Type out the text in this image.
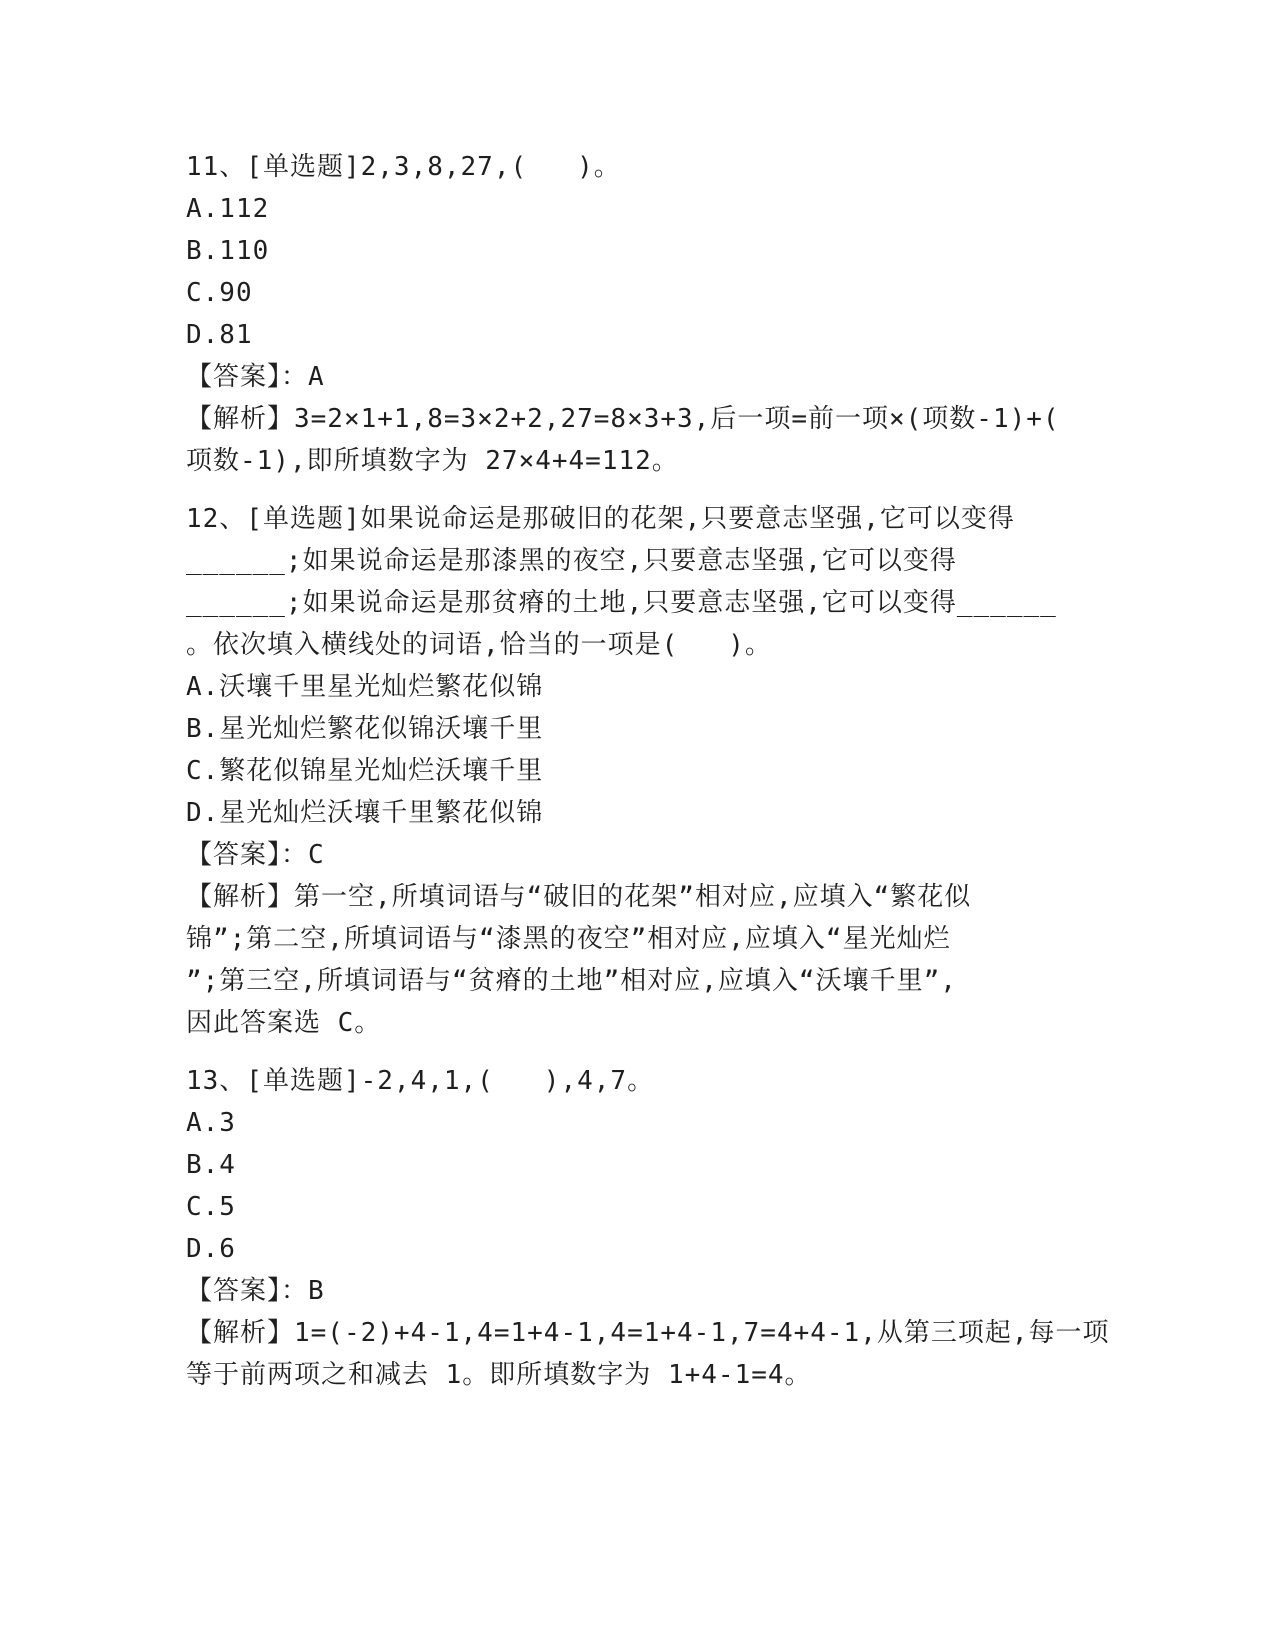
11、[单选题]2,3,8,27,(   )。
A.112
B.110
C.90
D.81
【答案】：A
【解析】3=2×1+1,8=3×2+2,27=8×3+3,后一项=前一项×(项数-1)+(
项数-1),即所填数字为 27×4+4=112。
12、[单选题]如果说命运是那破旧的花架,只要意志坚强,它可以变得
______;如果说命运是那漆黑的夜空,只要意志坚强,它可以变得
______;如果说命运是那贫瘠的土地,只要意志坚强,它可以变得______
。依次填入横线处的词语,恰当的一项是(   )。
A.沃壤千里星光灿烂繁花似锦
B.星光灿烂繁花似锦沃壤千里
C.繁花似锦星光灿烂沃壤千里
D.星光灿烂沃壤千里繁花似锦
【答案】：C
【解析】第一空,所填词语与“破旧的花架”相对应,应填入“繁花似
锦”;第二空,所填词语与“漆黑的夜空”相对应,应填入“星光灿烂
”;第三空,所填词语与“贫瘠的土地”相对应,应填入“沃壤千里”,
因此答案选 C。
13、[单选题]-2,4,1,(   ),4,7。
A.3
B.4
C.5
D.6
【答案】：B
【解析】1=(-2)+4-1,4=1+4-1,4=1+4-1,7=4+4-1,从第三项起,每一项
等于前两项之和减去 1。即所填数字为 1+4-1=4。
